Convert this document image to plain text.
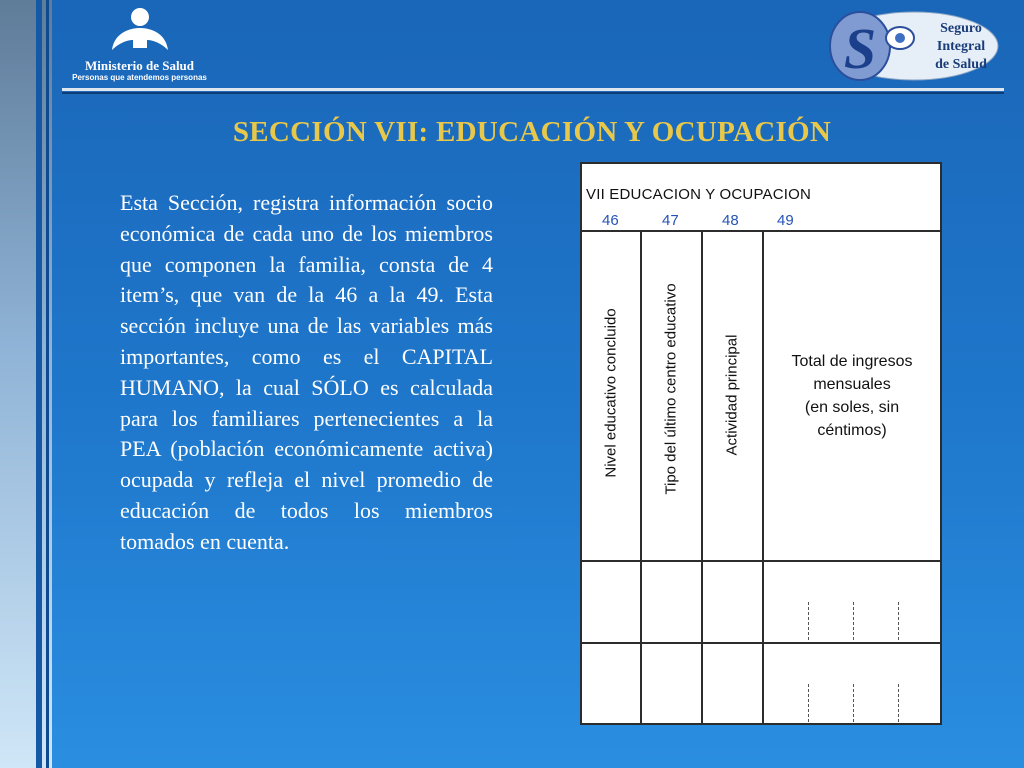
Ministerio de Salud
Personas que atendemos personas	S	Seguro
Integral
de Salud
SECCIÓN VII: EDUCACIÓN Y OCUPACIÓN
Esta Sección, registra información socio económica de cada uno de los miembros que componen la familia, consta de 4 item’s, que van de la 46 a la 49. Esta sección incluye una de las variables más importantes, como es el CAPITAL HUMANO, la cual SÓLO es calculada para los familiares pertenecientes a la PEA (población económicamente activa) ocupada y refleja el nivel promedio de educación de todos los miembros tomados en cuenta.
VII EDUCACION Y OCUPACION
46	47	48	49
Nivel educativo concluido	Tipo del último centro educativo	Actividad principal	Total de ingresos
mensuales
(en soles, sin
céntimos)
